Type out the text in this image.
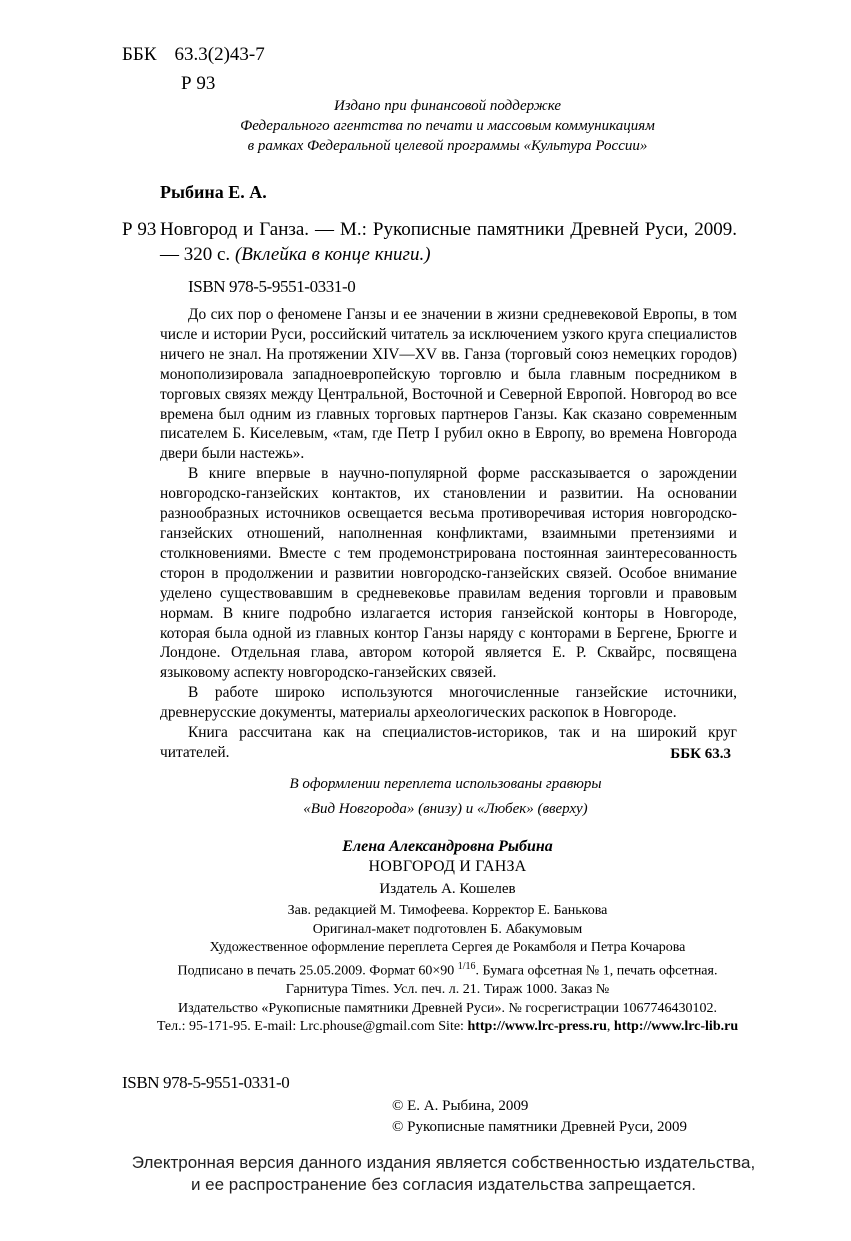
ББК 63.3(2)43-7
Р 93
Издано при финансовой поддержке
Федерального агентства по печати и массовым коммуникациям
в рамках Федеральной целевой программы «Культура России»
Рыбина Е. А.
Р 93 Новгород и Ганза. — М.: Рукописные памятники Древней Руси, 2009. — 320 с. (Вклейка в конце книги.)
ISBN 978-5-9551-0331-0

До сих пор о феномене Ганзы и ее значении в жизни средневековой Европы, в том числе и истории Руси, российский читатель за исключением узкого круга специалистов ничего не знал. На протяжении XIV—XV вв. Ганза (торговый союз немецких городов) монополизировала западноевропейскую торговлю и была главным посредником в торговых связях между Центральной, Восточной и Северной Европой. Новгород во все времена был одним из главных торговых партнеров Ганзы. Как сказано современным писателем Б. Киселевым, «там, где Петр I рубил окно в Европу, во времена Новгорода двери были настежь».

В книге впервые в научно-популярной форме рассказывается о зарождении новгородско-ганзейских контактов, их становлении и развитии. На основании разнообразных источников освещается весьма противоречивая история новгородско-ганзейских отношений, наполненная конфликтами, взаимными претензиями и столкновениями. Вместе с тем продемонстрирована постоянная заинтересованность сторон в продолжении и развитии новгородско-ганзейских связей. Особое внимание уделено существовавшим в средневековье правилам ведения торговли и правовым нормам. В книге подробно излагается история ганзейской конторы в Новгороде, которая была одной из главных контор Ганзы наряду с конторами в Бергене, Брюгге и Лондоне. Отдельная глава, автором которой является Е. Р. Сквайрс, посвящена языковому аспекту новгородско-ганзейских связей.

В работе широко используются многочисленные ганзейские источники, древнерусские документы, материалы археологических раскопок в Новгороде.

Книга рассчитана как на специалистов-историков, так и на широкий круг читателей.	ББК 63.3
В оформлении переплета использованы гравюры
«Вид Новгорода» (внизу) и «Любек» (вверху)
Елена Александровна Рыбина
НОВГОРОД И ГАНЗА
Издатель А. Кошелев
Зав. редакцией М. Тимофеева. Корректор Е. Банькова
Оригинал-макет подготовлен Б. Абакумовым
Художественное оформление переплета Сергея де Рокамболя и Петра Кочарова
Подписано в печать 25.05.2009. Формат 60×90 $^{1/16}$. Бумага офсетная № 1, печать офсетная.
Гарнитура Times. Усл. печ. л. 21. Тираж 1000. Заказ №
Издательство «Рукописные памятники Древней Руси». № госрегистрации 1067746430102.
Тел.: 95-171-95. E-mail: Lrc.phouse@gmail.com Site: http://www.lrc-press.ru, http://www.lrc-lib.ru
ISBN 978-5-9551-0331-0
© Е. А. Рыбина, 2009
© Рукописные памятники Древней Руси, 2009
Электронная версия данного издания является собственностью издательства,
и ее распространение без согласия издательства запрещается.
